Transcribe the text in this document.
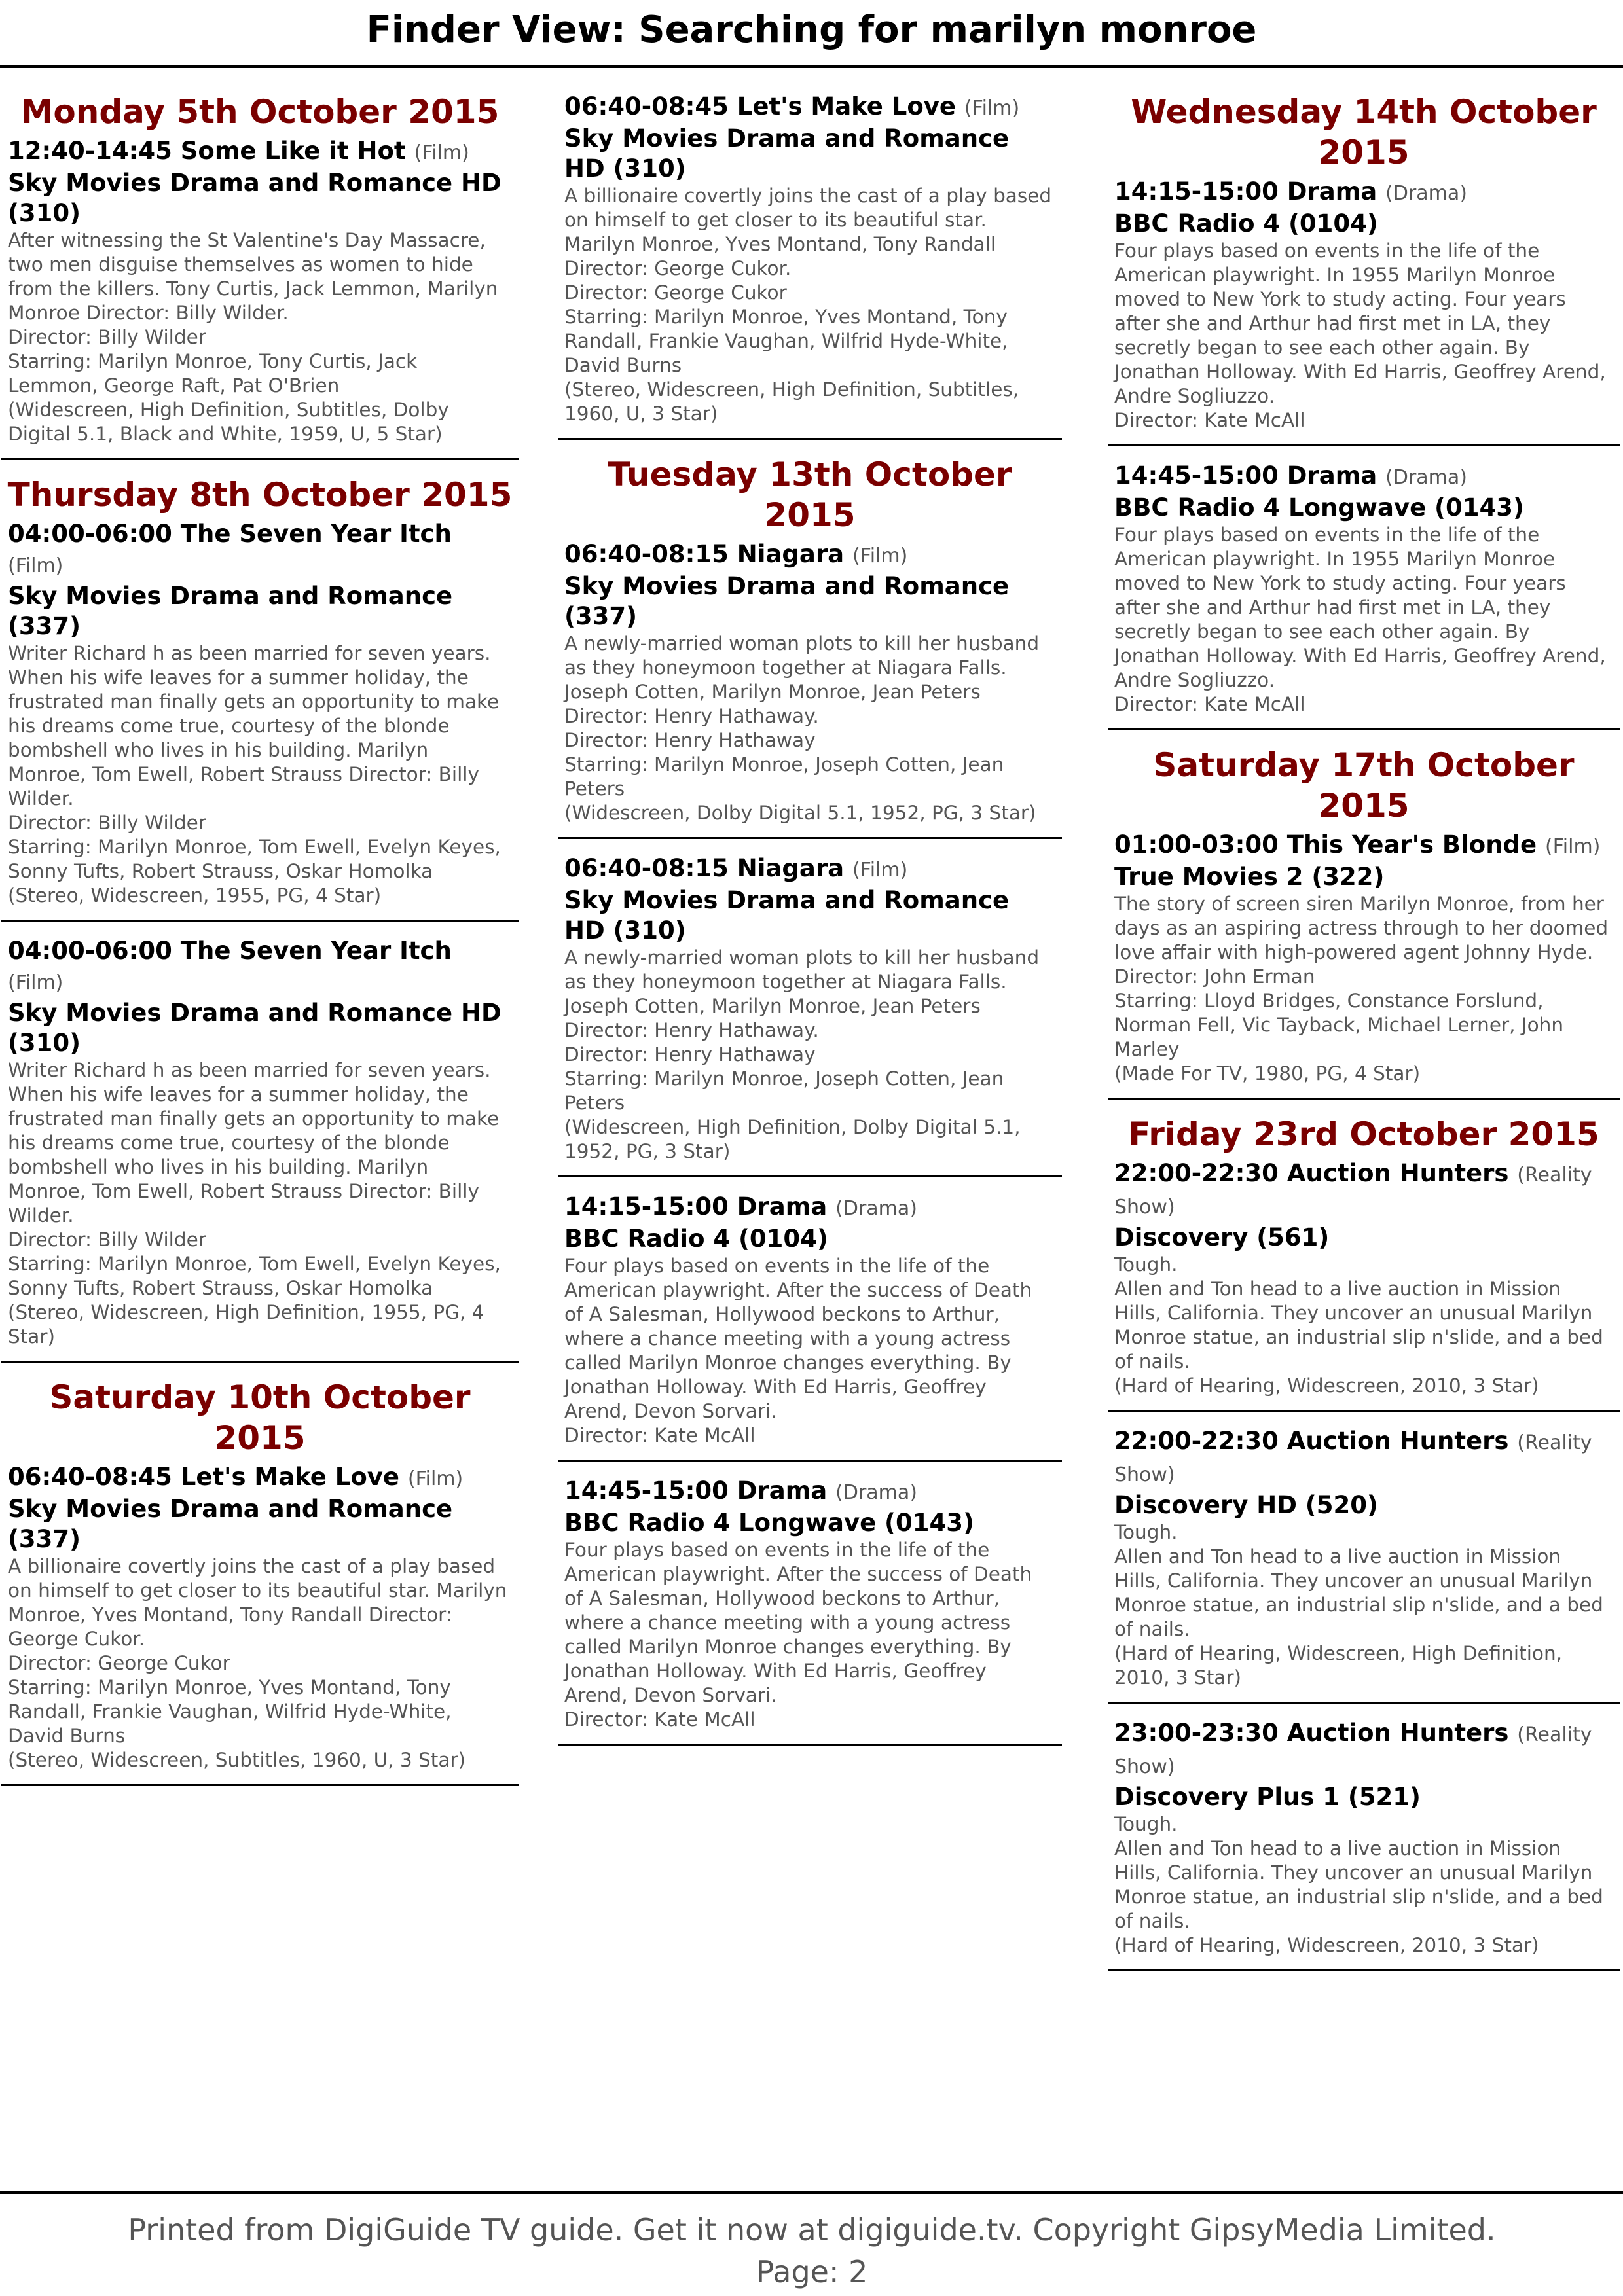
Finder View: Searching for marilyn monroe
Monday 5th October 2015
12:40-14:45 Some Like it Hot (Film)
Sky Movies Drama and Romance HD (310)
After witnessing the St Valentine's Day Massacre, two men disguise themselves as women to hide from the killers. Tony Curtis, Jack Lemmon, Marilyn Monroe Director: Billy Wilder.
Director: Billy Wilder
Starring: Marilyn Monroe, Tony Curtis, Jack Lemmon, George Raft, Pat O'Brien
(Widescreen, High Definition, Subtitles, Dolby Digital 5.1, Black and White, 1959, U, 5 Star)
Thursday 8th October 2015
04:00-06:00 The Seven Year Itch (Film)
Sky Movies Drama and Romance (337)
Writer Richard h as been married for seven years. When his wife leaves for a summer holiday, the frustrated man finally gets an opportunity to make his dreams come true, courtesy of the blonde bombshell who lives in his building. Marilyn Monroe, Tom Ewell, Robert Strauss Director: Billy Wilder.
Director: Billy Wilder
Starring: Marilyn Monroe, Tom Ewell, Evelyn Keyes, Sonny Tufts, Robert Strauss, Oskar Homolka
(Stereo, Widescreen, 1955, PG, 4 Star)
04:00-06:00 The Seven Year Itch (Film)
Sky Movies Drama and Romance HD (310)
Writer Richard h as been married for seven years. When his wife leaves for a summer holiday, the frustrated man finally gets an opportunity to make his dreams come true, courtesy of the blonde bombshell who lives in his building. Marilyn Monroe, Tom Ewell, Robert Strauss Director: Billy Wilder.
Director: Billy Wilder
Starring: Marilyn Monroe, Tom Ewell, Evelyn Keyes, Sonny Tufts, Robert Strauss, Oskar Homolka
(Stereo, Widescreen, High Definition, 1955, PG, 4 Star)
Saturday 10th October 2015
06:40-08:45 Let's Make Love (Film)
Sky Movies Drama and Romance (337)
A billionaire covertly joins the cast of a play based on himself to get closer to its beautiful star. Marilyn Monroe, Yves Montand, Tony Randall Director: George Cukor.
Director: George Cukor
Starring: Marilyn Monroe, Yves Montand, Tony Randall, Frankie Vaughan, Wilfrid Hyde-White, David Burns
(Stereo, Widescreen, Subtitles, 1960, U, 3 Star)
06:40-08:45 Let's Make Love (Film)
Sky Movies Drama and Romance HD (310)
A billionaire covertly joins the cast of a play based on himself to get closer to its beautiful star. Marilyn Monroe, Yves Montand, Tony Randall Director: George Cukor.
Director: George Cukor
Starring: Marilyn Monroe, Yves Montand, Tony Randall, Frankie Vaughan, Wilfrid Hyde-White, David Burns
(Stereo, Widescreen, High Definition, Subtitles, 1960, U, 3 Star)
Tuesday 13th October 2015
06:40-08:15 Niagara (Film)
Sky Movies Drama and Romance (337)
A newly-married woman plots to kill her husband as they honeymoon together at Niagara Falls. Joseph Cotten, Marilyn Monroe, Jean Peters Director: Henry Hathaway.
Director: Henry Hathaway
Starring: Marilyn Monroe, Joseph Cotten, Jean Peters
(Widescreen, Dolby Digital 5.1, 1952, PG, 3 Star)
06:40-08:15 Niagara (Film)
Sky Movies Drama and Romance HD (310)
A newly-married woman plots to kill her husband as they honeymoon together at Niagara Falls. Joseph Cotten, Marilyn Monroe, Jean Peters Director: Henry Hathaway.
Director: Henry Hathaway
Starring: Marilyn Monroe, Joseph Cotten, Jean Peters
(Widescreen, High Definition, Dolby Digital 5.1, 1952, PG, 3 Star)
14:15-15:00 Drama (Drama)
BBC Radio 4 (0104)
Four plays based on events in the life of the American playwright. After the success of Death of A Salesman, Hollywood beckons to Arthur, where a chance meeting with a young actress called Marilyn Monroe changes everything. By Jonathan Holloway. With Ed Harris, Geoffrey Arend, Devon Sorvari.
Director: Kate McAll
14:45-15:00 Drama (Drama)
BBC Radio 4 Longwave (0143)
Four plays based on events in the life of the American playwright. After the success of Death of A Salesman, Hollywood beckons to Arthur, where a chance meeting with a young actress called Marilyn Monroe changes everything. By Jonathan Holloway. With Ed Harris, Geoffrey Arend, Devon Sorvari.
Director: Kate McAll
Wednesday 14th October 2015
14:15-15:00 Drama (Drama)
BBC Radio 4 (0104)
Four plays based on events in the life of the American playwright. In 1955 Marilyn Monroe moved to New York to study acting. Four years after she and Arthur had first met in LA, they secretly began to see each other again. By Jonathan Holloway. With Ed Harris, Geoffrey Arend, Andre Sogliuzzo.
Director: Kate McAll
14:45-15:00 Drama (Drama)
BBC Radio 4 Longwave (0143)
Four plays based on events in the life of the American playwright. In 1955 Marilyn Monroe moved to New York to study acting. Four years after she and Arthur had first met in LA, they secretly began to see each other again. By Jonathan Holloway. With Ed Harris, Geoffrey Arend, Andre Sogliuzzo.
Director: Kate McAll
Saturday 17th October 2015
01:00-03:00 This Year's Blonde (Film)
True Movies 2 (322)
The story of screen siren Marilyn Monroe, from her days as an aspiring actress through to her doomed love affair with high-powered agent Johnny Hyde.
Director: John Erman
Starring: Lloyd Bridges, Constance Forslund, Norman Fell, Vic Tayback, Michael Lerner, John Marley
(Made For TV, 1980, PG, 4 Star)
Friday 23rd October 2015
22:00-22:30 Auction Hunters (Reality Show)
Discovery (561)
Tough.
Allen and Ton head to a live auction in Mission Hills, California. They uncover an unusual Marilyn Monroe statue, an industrial slip n'slide, and a bed of nails.
(Hard of Hearing, Widescreen, 2010, 3 Star)
22:00-22:30 Auction Hunters (Reality Show)
Discovery HD (520)
Tough.
Allen and Ton head to a live auction in Mission Hills, California. They uncover an unusual Marilyn Monroe statue, an industrial slip n'slide, and a bed of nails.
(Hard of Hearing, Widescreen, High Definition, 2010, 3 Star)
23:00-23:30 Auction Hunters (Reality Show)
Discovery Plus 1 (521)
Tough.
Allen and Ton head to a live auction in Mission Hills, California. They uncover an unusual Marilyn Monroe statue, an industrial slip n'slide, and a bed of nails.
(Hard of Hearing, Widescreen, 2010, 3 Star)
Printed from DigiGuide TV guide. Get it now at digiguide.tv. Copyright GipsyMedia Limited. Page: 2
